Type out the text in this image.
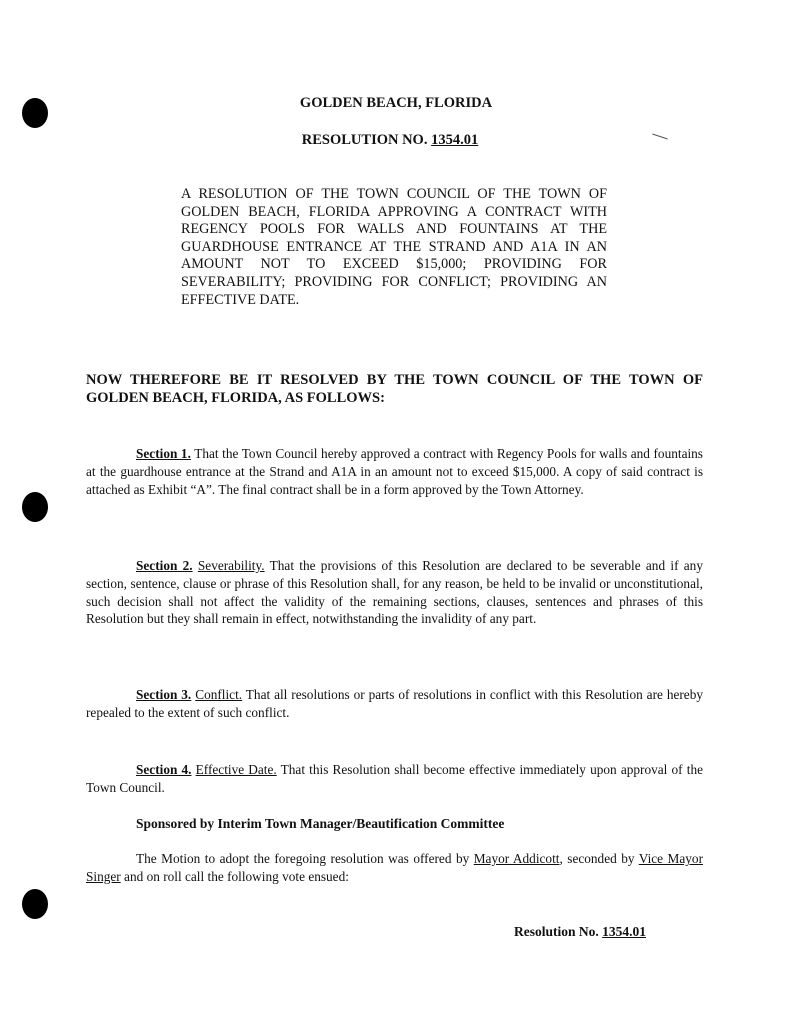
GOLDEN BEACH, FLORIDA
RESOLUTION NO. 1354.01
A RESOLUTION OF THE TOWN COUNCIL OF THE TOWN OF GOLDEN BEACH, FLORIDA APPROVING A CONTRACT WITH REGENCY POOLS FOR WALLS AND FOUNTAINS AT THE GUARDHOUSE ENTRANCE AT THE STRAND AND A1A IN AN AMOUNT NOT TO EXCEED $15,000; PROVIDING FOR SEVERABILITY; PROVIDING FOR CONFLICT; PROVIDING AN EFFECTIVE DATE.
NOW THEREFORE BE IT RESOLVED BY THE TOWN COUNCIL OF THE TOWN OF GOLDEN BEACH, FLORIDA, AS FOLLOWS:
Section 1. That the Town Council hereby approved a contract with Regency Pools for walls and fountains at the guardhouse entrance at the Strand and A1A in an amount not to exceed $15,000. A copy of said contract is attached as Exhibit “A”. The final contract shall be in a form approved by the Town Attorney.
Section 2. Severability. That the provisions of this Resolution are declared to be severable and if any section, sentence, clause or phrase of this Resolution shall, for any reason, be held to be invalid or unconstitutional, such decision shall not affect the validity of the remaining sections, clauses, sentences and phrases of this Resolution but they shall remain in effect, notwithstanding the invalidity of any part.
Section 3. Conflict. That all resolutions or parts of resolutions in conflict with this Resolution are hereby repealed to the extent of such conflict.
Section 4. Effective Date. That this Resolution shall become effective immediately upon approval of the Town Council.
Sponsored by Interim Town Manager/Beautification Committee
The Motion to adopt the foregoing resolution was offered by Mayor Addicott, seconded by Vice Mayor Singer and on roll call the following vote ensued:
Resolution No. 1354.01
